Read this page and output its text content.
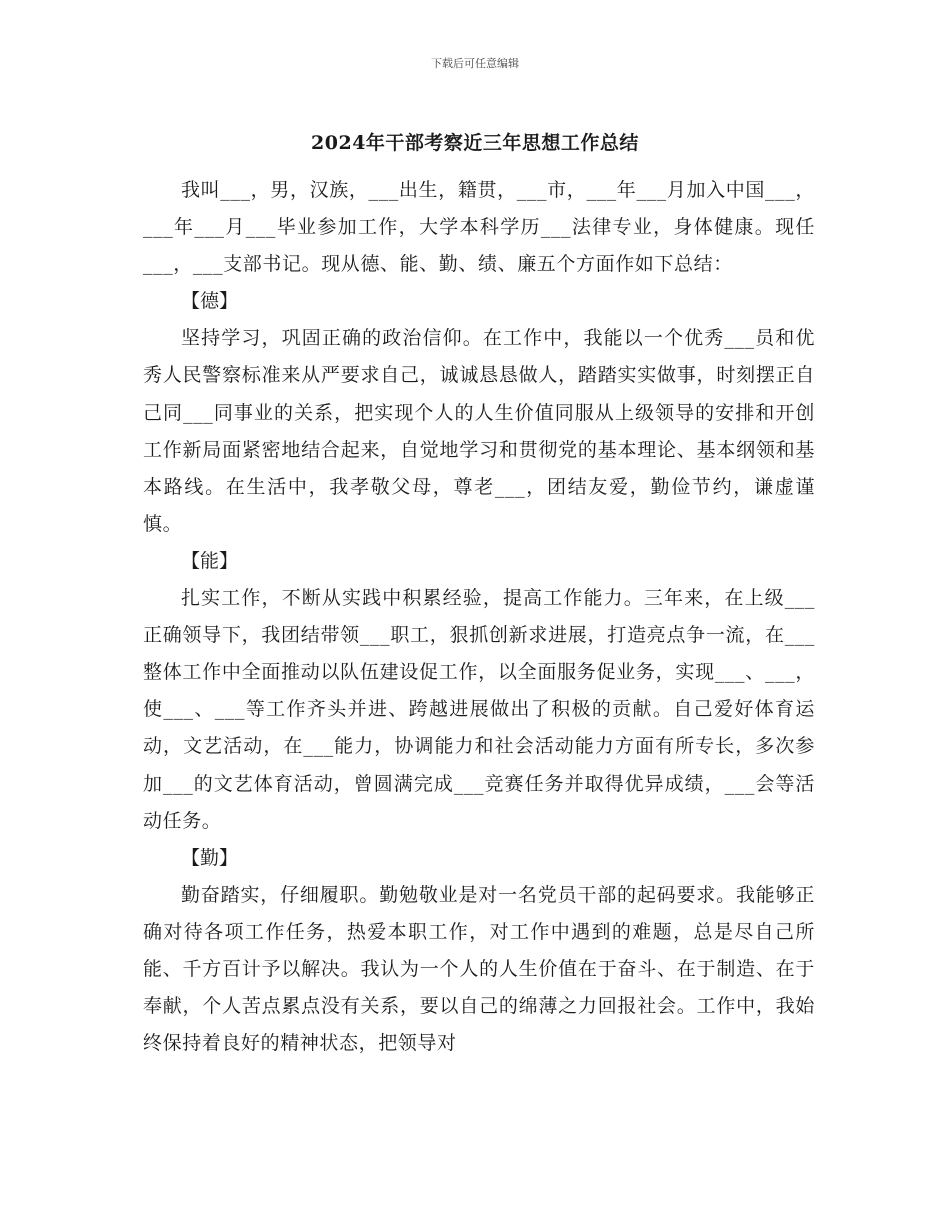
下载后可任意编辑
2024年干部考察近三年思想工作总结

我叫___，男，汉族，___出生，籍贯，___市，___年___月加入中国___，___年___月___毕业参加工作，大学本科学历___法律专业，身体健康。现任___，___支部书记。现从德、能、勤、绩、廉五个方面作如下总结：

【德】

坚持学习，巩固正确的政治信仰。在工作中，我能以一个优秀___员和优秀人民警察标准来从严要求自己，诚诚恳恳做人，踏踏实实做事，时刻摆正自己同___同事业的关系，把实现个人的人生价值同服从上级领导的安排和开创工作新局面紧密地结合起来，自觉地学习和贯彻党的基本理论、基本纲领和基本路线。在生活中，我孝敬父母，尊老___，团结友爱，勤俭节约，谦虚谨慎。

【能】

扎实工作，不断从实践中积累经验，提高工作能力。三年来，在上级___正确领导下，我团结带领___职工，狠抓创新求进展，打造亮点争一流，在___整体工作中全面推动以队伍建设促工作，以全面服务促业务，实现___、___，使___、___等工作齐头并进、跨越进展做出了积极的贡献。自己爱好体育运动，文艺活动，在___能力，协调能力和社会活动能力方面有所专长，多次参加___的文艺体育活动，曾圆满完成___竞赛任务并取得优异成绩，___会等活动任务。

【勤】

勤奋踏实，仔细履职。勤勉敬业是对一名党员干部的起码要求。我能够正确对待各项工作任务，热爱本职工作，对工作中遇到的难题，总是尽自己所能、千方百计予以解决。我认为一个人的人生价值在于奋斗、在于制造、在于奉献，个人苦点累点没有关系，要以自己的绵薄之力回报社会。工作中，我始终保持着良好的精神状态，把领导对
